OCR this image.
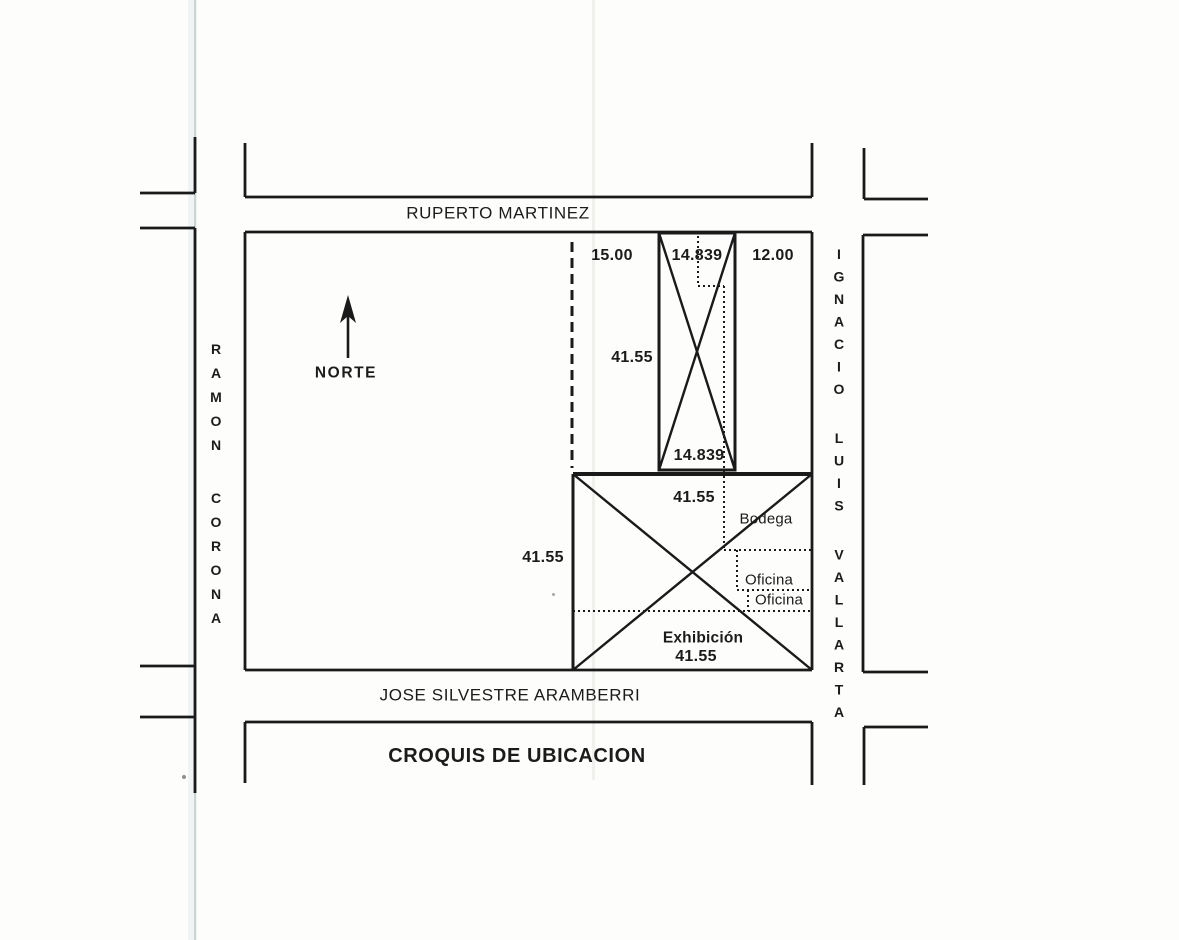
RUPERTO MARTINEZ
JOSE SILVESTRE ARAMBERRI
RAMON CORONA	IGNACIO LUIS VALLARTA
NORTE
15.00 14.839 12.00
41.55
14.839
41.55
41.55
41.55
Bodega
Oficina
Oficina
Exhibición
CROQUIS DE UBICACION
